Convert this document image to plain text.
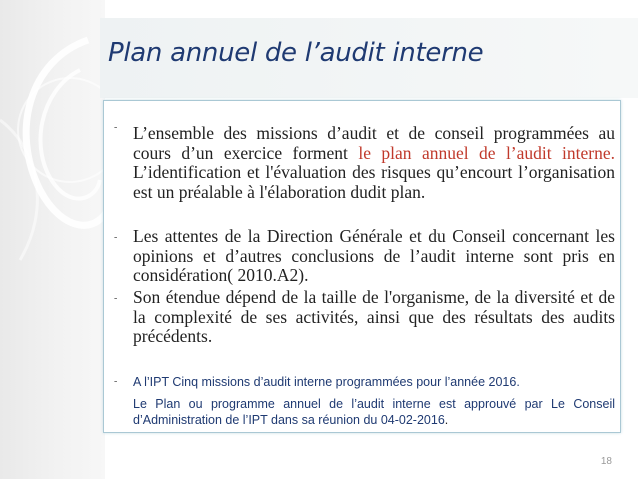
Plan annuel de l’audit interne
- L’ensemble des missions d’audit et de conseil programmées au cours d’un exercice forment le plan annuel de l’audit interne. L’identification et l'évaluation des risques qu’encourt l’organisation est un préalable à l'élaboration dudit plan.

- Les attentes de la Direction Générale et du Conseil concernant les opinions et d’autres conclusions de l’audit interne sont pris en considération( 2010.A2).

- Son étendue dépend de la taille de l'organisme, de la diversité et de la complexité de ses activités, ainsi que des résultats des audits précédents.

- A l’IPT Cinq missions d’audit interne programmées pour l’année 2016.

Le Plan ou programme annuel de l’audit interne est approuvé par Le Conseil d’Administration de l’IPT dans sa réunion du 04-02-2016.

18
